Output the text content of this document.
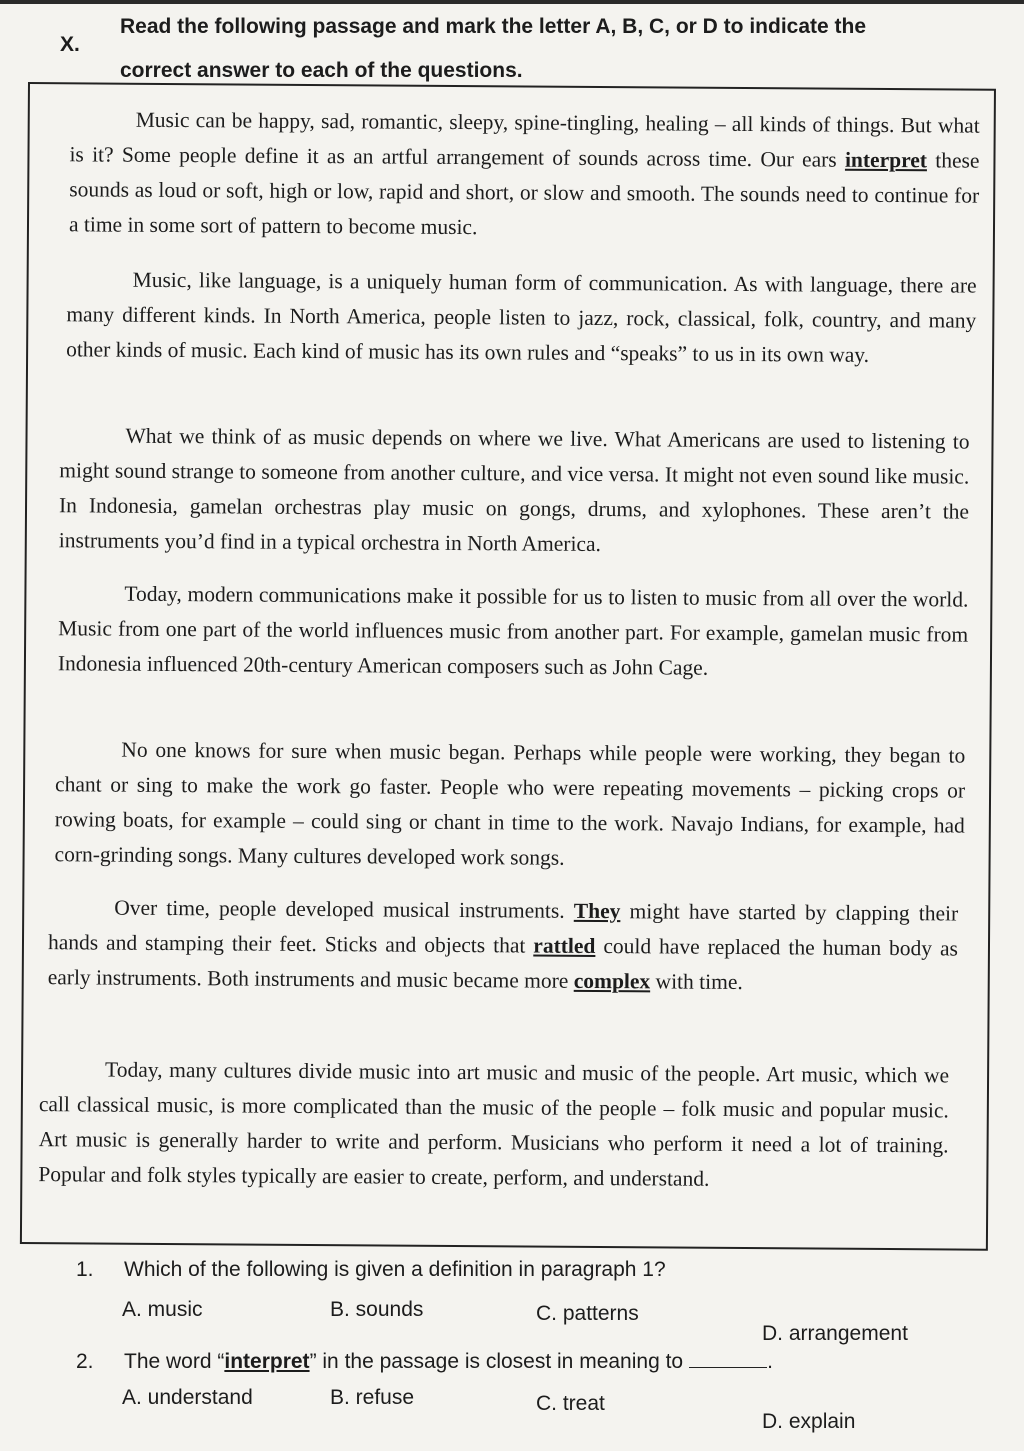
X.
Read the following passage and mark the letter A, B, C, or D to indicate the
correct answer to each of the questions.

Music can be happy, sad, romantic, sleepy, spine-tingling, healing – all kinds of things. But what is it? Some people define it as an artful arrangement of sounds across time. Our ears interpret these sounds as loud or soft, high or low, rapid and short, or slow and smooth. The sounds need to continue for a time in some sort of pattern to become music.

Music, like language, is a uniquely human form of communication. As with language, there are many different kinds. In North America, people listen to jazz, rock, classical, folk, country, and many other kinds of music. Each kind of music has its own rules and “speaks” to us in its own way.

What we think of as music depends on where we live. What Americans are used to listening to might sound strange to someone from another culture, and vice versa. It might not even sound like music. In Indonesia, gamelan orchestras play music on gongs, drums, and xylophones. These aren’t the instruments you’d find in a typical orchestra in North America.

Today, modern communications make it possible for us to listen to music from all over the world. Music from one part of the world influences music from another part. For example, gamelan music from Indonesia influenced 20th-century American composers such as John Cage.

No one knows for sure when music began. Perhaps while people were working, they began to chant or sing to make the work go faster. People who were repeating movements – picking crops or rowing boats, for example – could sing or chant in time to the work. Navajo Indians, for example, had corn-grinding songs. Many cultures developed work songs.

Over time, people developed musical instruments. They might have started by clapping their hands and stamping their feet. Sticks and objects that rattled could have replaced the human body as early instruments. Both instruments and music became more complex with time.

Today, many cultures divide music into art music and music of the people. Art music, which we call classical music, is more complicated than the music of the people – folk music and popular music. Art music is generally harder to write and perform. Musicians who perform it need a lot of training. Popular and folk styles typically are easier to create, perform, and understand.

1. Which of the following is given a definition in paragraph 1?
A. music	B. sounds	C. patterns
D. arrangement
2. The word “interpret” in the passage is closest in meaning to	.
A. understand	B. refuse	C. treat
D. explain
